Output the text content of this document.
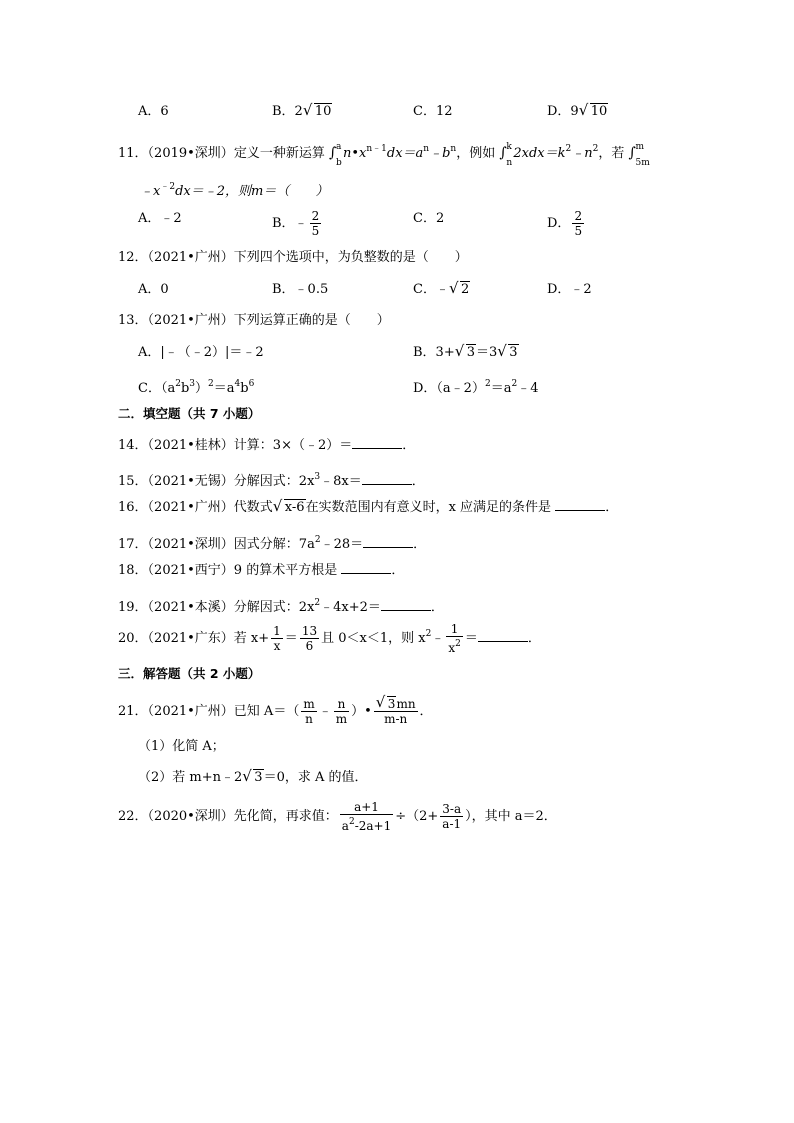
A．6	B．2 √ 10	C．12	D．9 √ 10
11．（2019•深圳）定义一种新运算 ∫ a
b
$n•x^{n﹣1}dx=a^n﹣b^n$，例如 ∫ k
n
$2xdx=k^2﹣n^2$，若 ∫ m
5m
$﹣x^{﹣2}dx=﹣2$，则m＝（　　）
A．﹣2	B．﹣ $\frac{2}{5}$	C．2	D． $\frac{2}{5}$
12．（2021•广州）下列四个选项中，为负整数的是（　　）
A．0	B．﹣0.5	C．﹣ √ 2	D．﹣2
13．（2021•广州）下列运算正确的是（　　）
A．|﹣（﹣2）|＝﹣2	B．3+ √ 3＝3 √ 3
C．$(a^2b^3)^2=a^4b^6$	D．$(a﹣2)^2=a^2﹣4$
二．填空题（共 7 小题）
14．（2021•桂林）计算：3×（﹣2）＝	．
15．（2021•无锡）分解因式：$2x^3﹣8x=$	．
16．（2021•广州）代数式 √ x-6在实数范围内有意义时，x 应满足的条件是	．
17．（2021•深圳）因式分解：$7a^2﹣28=$	．
18．（2021•西宁）9 的算术平方根是	．
19．（2021•本溪）分解因式：$2x^2﹣4x+2=$	．
20．（2021•广东）若 $x+ \frac{1}{x} = \frac{13}{6}$ 且 0＜x＜1，则 $x^2﹣ \frac{1}{x^2}$ ＝	．
三．解答题（共 2 小题）
21．（2021•广州）已知 $A=( \frac{m}{n}$ ﹣ $\frac{n}{m}$ ）• √ $\frac{3mn}{m-n}$ ．
（1）化简 A；
（2）若 m+n﹣2 √ 3＝0，求 A 的值．
22．（2020•深圳）先化简，再求值： $\frac{a+1}{a^2-2a+1} \div(2+ \frac{3-a}{a-1}$ ），其中 a＝2．
